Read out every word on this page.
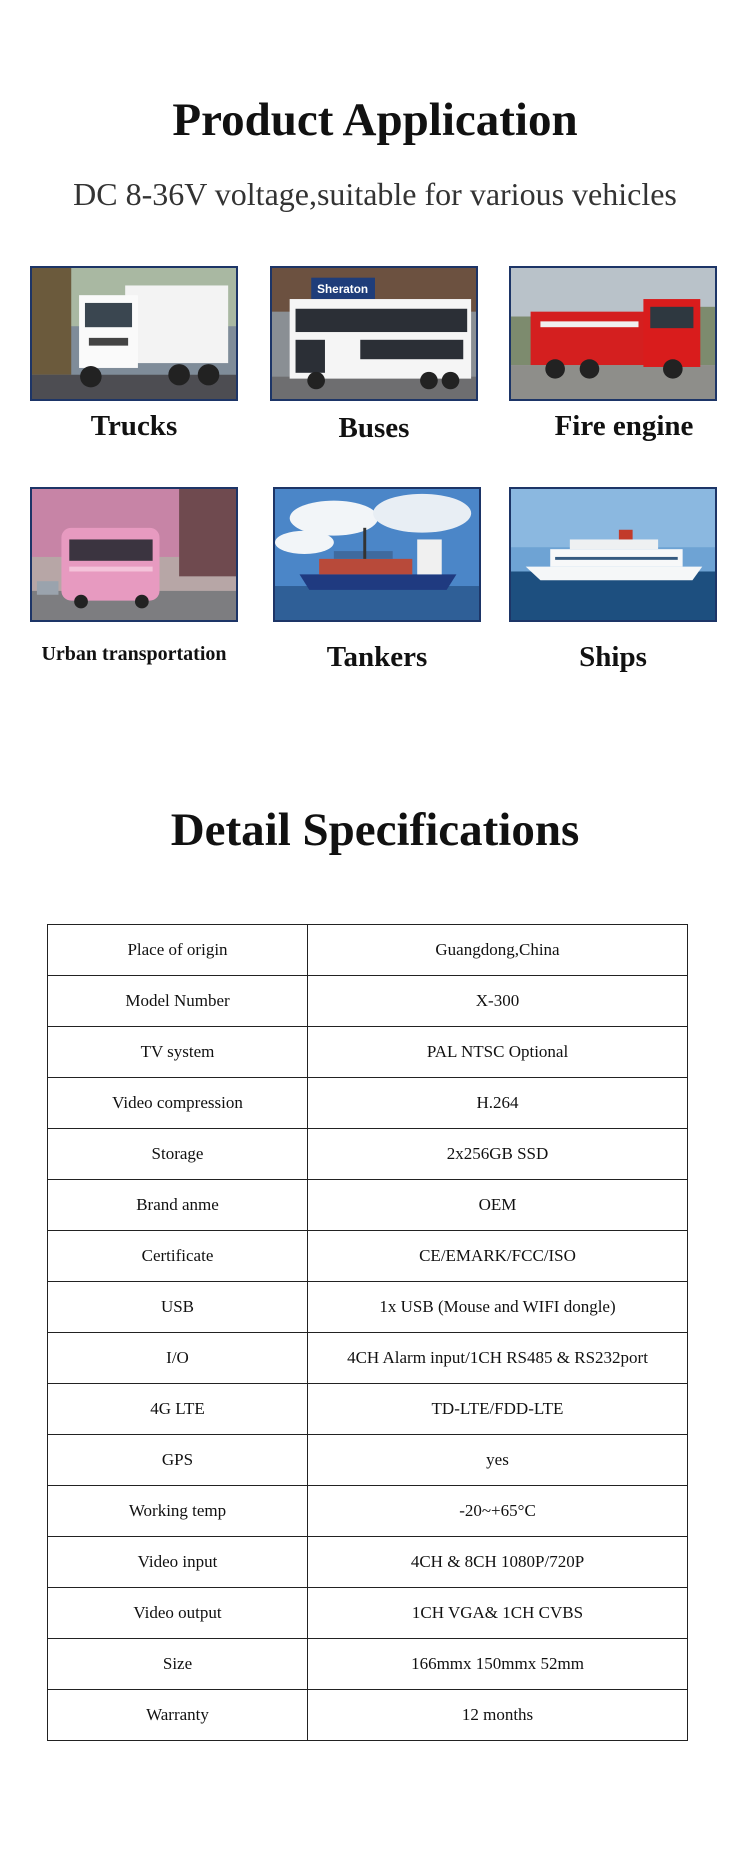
Product Application
DC 8-36V voltage,suitable for various vehicles
Sheraton
Trucks	Buses	Fire engine
Urban transportation	Tankers	Ships
Detail Specifications
Place of origin	Guangdong,China
Model Number	X-300
TV system	PAL NTSC Optional
Video compression	H.264
Storage	2x256GB SSD
Brand anme	OEM
Certificate	CE/EMARK/FCC/ISO
USB	1x USB (Mouse and WIFI dongle)
I/O	4CH Alarm input/1CH RS485 & RS232port
4G LTE	TD-LTE/FDD-LTE
GPS	yes
Working temp	-20~+65°C
Video input	4CH & 8CH 1080P/720P
Video output	1CH VGA& 1CH CVBS
Size	166mmx 150mmx 52mm
Warranty	12 months
